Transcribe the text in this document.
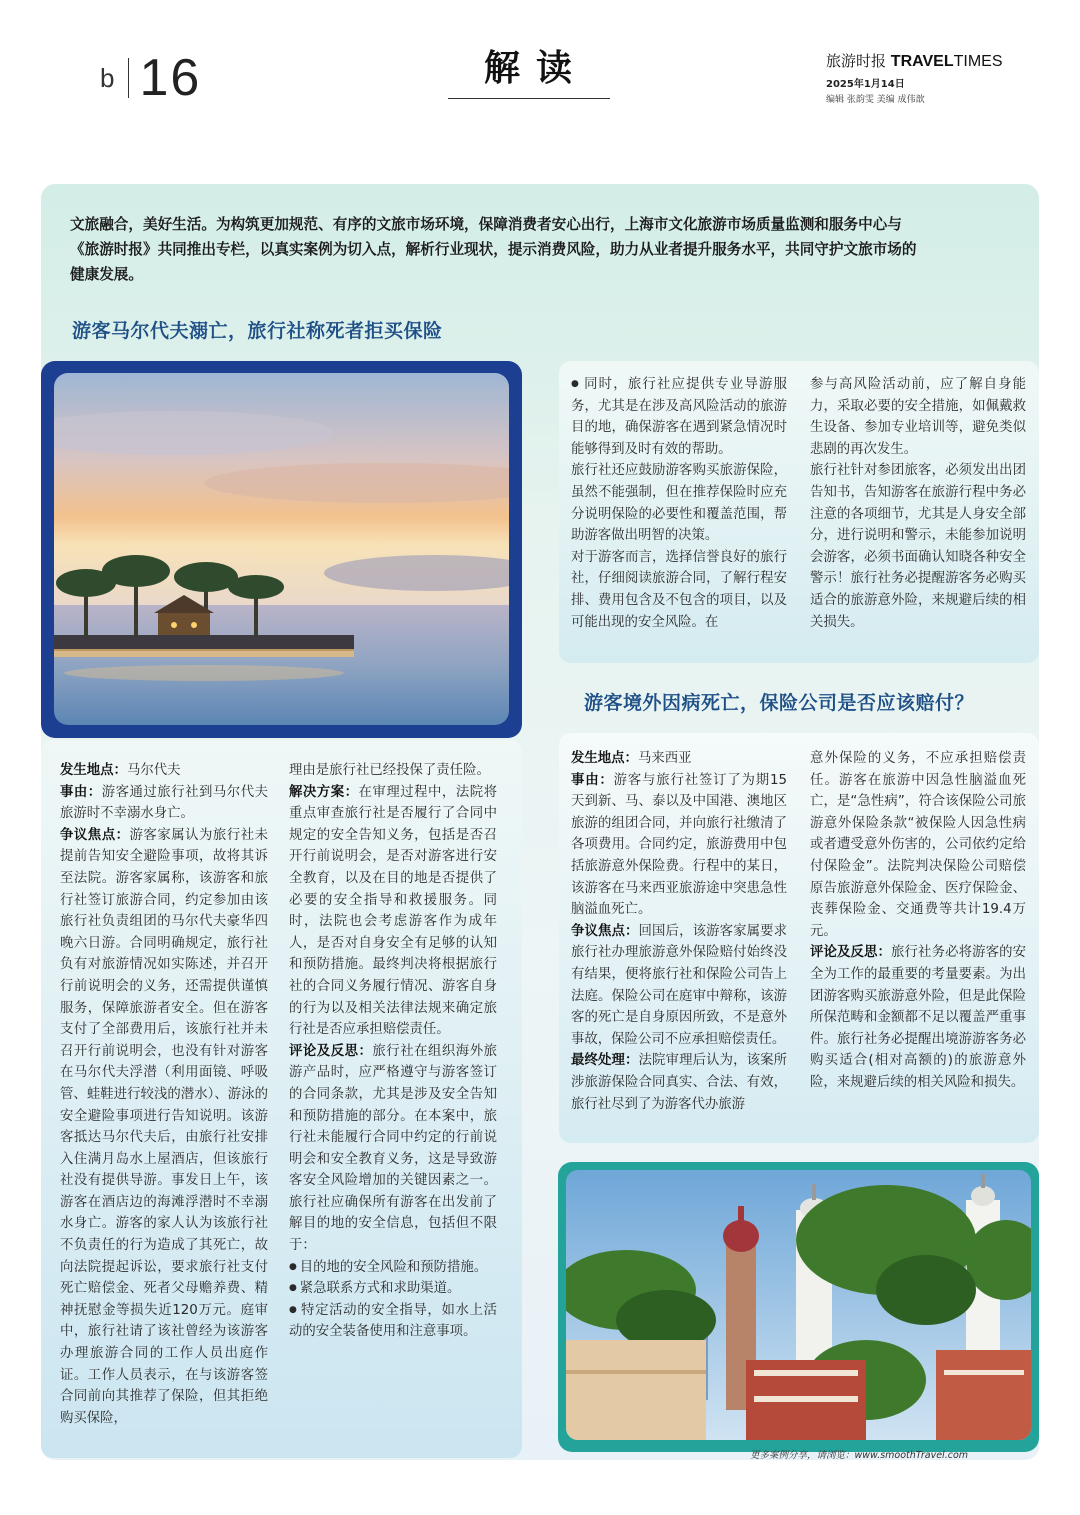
b 16	解读	旅游时报 TRAVELTIMES
2025年1月14日
编辑 张韵雯 美编 成伟歆
文旅融合，美好生活。为构筑更加规范、有序的文旅市场环境，保障消费者安心出行，上海市文化旅游市场质量监测和服务中心与《旅游时报》共同推出专栏，以真实案例为切入点，解析行业现状，提示消费风险，助力从业者提升服务水平，共同守护文旅市场的健康发展。
游客马尔代夫溺亡，旅行社称死者拒买保险

● 同时，旅行社应提供专业导游服务，尤其是在涉及高风险活动的旅游目的地，确保游客在遇到紧急情况时能够得到及时有效的帮助。

旅行社还应鼓励游客购买旅游保险，虽然不能强制，但在推荐保险时应充分说明保险的必要性和覆盖范围，帮助游客做出明智的决策。

对于游客而言，选择信誉良好的旅行社，仔细阅读旅游合同，了解行程安排、费用包含及不包含的项目，以及可能出现的安全风险。在

参与高风险活动前，应了解自身能力，采取必要的安全措施，如佩戴救生设备、参加专业培训等，避免类似悲剧的再次发生。

旅行社针对参团旅客，必须发出出团告知书，告知游客在旅游行程中务必注意的各项细节，尤其是人身安全部分，进行说明和警示，未能参加说明会游客，必须书面确认知晓各种安全警示！旅行社务必提醒游客务必购买适合的旅游意外险，来规避后续的相关损失。

游客境外因病死亡，保险公司是否应该赔付？

发生地点：马来西亚

事由：游客与旅行社签订了为期15天到新、马、泰以及中国港、澳地区旅游的组团合同，并向旅行社缴清了各项费用。合同约定，旅游费用中包括旅游意外保险费。行程中的某日，该游客在马来西亚旅游途中突患急性脑溢血死亡。

争议焦点：回国后，该游客家属要求旅行社办理旅游意外保险赔付始终没有结果，便将旅行社和保险公司告上法庭。保险公司在庭审中辩称，该游客的死亡是自身原因所致，不是意外事故，保险公司不应承担赔偿责任。

最终处理：法院审理后认为，该案所涉旅游保险合同真实、合法、有效，旅行社尽到了为游客代办旅游

意外保险的义务，不应承担赔偿责任。游客在旅游中因急性脑溢血死亡，是“急性病”，符合该保险公司旅游意外保险条款“被保险人因急性病或者遭受意外伤害的，公司依约定给付保险金”。法院判决保险公司赔偿原告旅游意外保险金、医疗保险金、丧葬保险金、交通费等共计19.4万元。

评论及反思：旅行社务必将游客的安全为工作的最重要的考量要素。为出团游客购买旅游意外险，但是此保险所保范畴和金额都不足以覆盖严重事件。旅行社务必提醒出境游游客务必购买适合(相对高额的)的旅游意外险，来规避后续的相关风险和损失。

发生地点：马尔代夫

事由：游客通过旅行社到马尔代夫旅游时不幸溺水身亡。

争议焦点：游客家属认为旅行社未提前告知安全避险事项，故将其诉至法院。游客家属称，该游客和旅行社签订旅游合同，约定参加由该旅行社负责组团的马尔代夫豪华四晚六日游。合同明确规定，旅行社负有对旅游情况如实陈述，并召开行前说明会的义务，还需提供谨慎服务，保障旅游者安全。但在游客支付了全部费用后，该旅行社并未召开行前说明会，也没有针对游客在马尔代夫浮潜（利用面镜、呼吸管、蛙鞋进行较浅的潜水）、游泳的安全避险事项进行告知说明。该游客抵达马尔代夫后，由旅行社安排入住满月岛水上屋酒店，但该旅行社没有提供导游。事发日上午，该游客在酒店边的海滩浮潜时不幸溺水身亡。游客的家人认为该旅行社不负责任的行为造成了其死亡，故向法院提起诉讼，要求旅行社支付死亡赔偿金、死者父母赡养费、精神抚慰金等损失近120万元。庭审中，旅行社请了该社曾经为该游客办理旅游合同的工作人员出庭作证。工作人员表示，在与该游客签合同前向其推荐了保险，但其拒绝购买保险，

理由是旅行社已经投保了责任险。

解决方案：在审理过程中，法院将重点审查旅行社是否履行了合同中规定的安全告知义务，包括是否召开行前说明会，是否对游客进行安全教育，以及在目的地是否提供了必要的安全指导和救援服务。同时，法院也会考虑游客作为成年人，是否对自身安全有足够的认知和预防措施。最终判决将根据旅行社的合同义务履行情况、游客自身的行为以及相关法律法规来确定旅行社是否应承担赔偿责任。

评论及反思：旅行社在组织海外旅游产品时，应严格遵守与游客签订的合同条款，尤其是涉及安全告知和预防措施的部分。在本案中，旅行社未能履行合同中约定的行前说明会和安全教育义务，这是导致游客安全风险增加的关键因素之一。旅行社应确保所有游客在出发前了解目的地的安全信息，包括但不限于：

● 目的地的安全风险和预防措施。

● 紧急联系方式和求助渠道。

● 特定活动的安全指导，如水上活动的安全装备使用和注意事项。

更多案例分享，请浏览：www.smoothTravel.com
